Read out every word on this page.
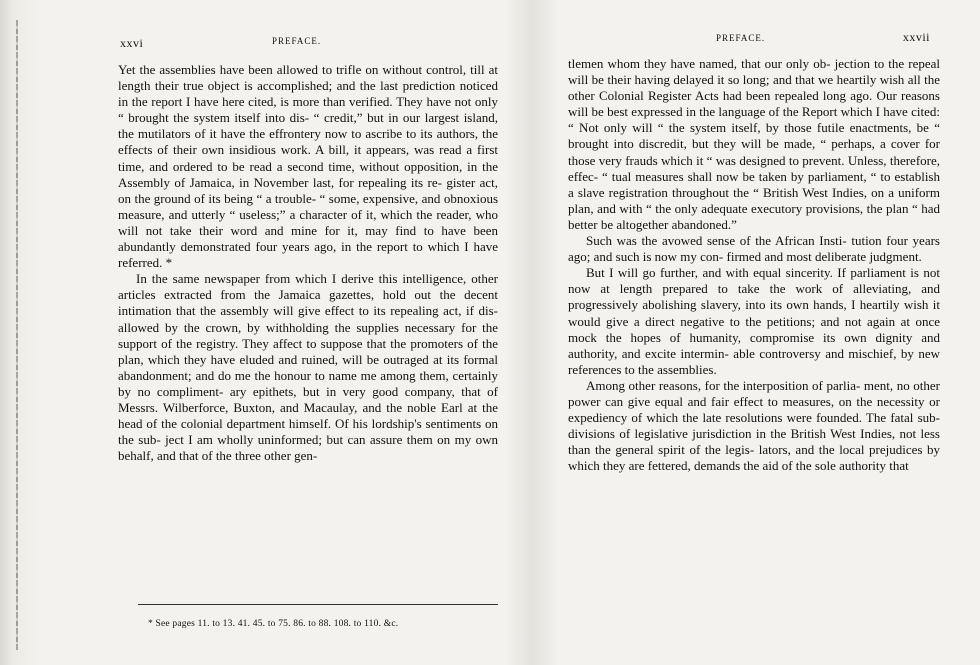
xxvi	PREFACE.

Yet the assemblies have been allowed to trifle on without control, till at length their true object is accomplished; and the last prediction noticed in the report I have here cited, is more than verified. They have not only “ brought the system itself into dis- “ credit,” but in our largest island, the mutilators of it have the effrontery now to ascribe to its authors, the effects of their own insidious work. A bill, it appears, was read a first time, and ordered to be read a second time, without opposition, in the Assembly of Jamaica, in November last, for repealing its re- gister act, on the ground of its being “ a trouble- “ some, expensive, and obnoxious measure, and utterly “ useless;” a character of it, which the reader, who will not take their word and mine for it, may find to have been abundantly demonstrated four years ago, in the report to which I have referred. *

In the same newspaper from which I derive this intelligence, other articles extracted from the Jamaica gazettes, hold out the decent intimation that the assembly will give effect to its repealing act, if dis- allowed by the crown, by withholding the supplies necessary for the support of the registry. They affect to suppose that the promoters of the plan, which they have eluded and ruined, will be outraged at its formal abandonment; and do me the honour to name me among them, certainly by no compliment- ary epithets, but in very good company, that of Messrs. Wilberforce, Buxton, and Macaulay, and the noble Earl at the head of the colonial department himself. Of his lordship's sentiments on the sub- ject I am wholly uninformed; but can assure them on my own behalf, and that of the three other gen-

* See pages 11. to 13. 41. 45. to 75. 86. to 88. 108. to 110. &c.
PREFACE.	xxvii

tlemen whom they have named, that our only ob- jection to the repeal will be their having delayed it so long; and that we heartily wish all the other Colonial Register Acts had been repealed long ago. Our reasons will be best expressed in the language of the Report which I have cited: “ Not only will “ the system itself, by those futile enactments, be “ brought into discredit, but they will be made, “ perhaps, a cover for those very frauds which it “ was designed to prevent. Unless, therefore, effec- “ tual measures shall now be taken by parliament, “ to establish a slave registration throughout the “ British West Indies, on a uniform plan, and with “ the only adequate executory provisions, the plan “ had better be altogether abandoned.”

Such was the avowed sense of the African Insti- tution four years ago; and such is now my con- firmed and most deliberate judgment.

But I will go further, and with equal sincerity. If parliament is not now at length prepared to take the work of alleviating, and progressively abolishing slavery, into its own hands, I heartily wish it would give a direct negative to the petitions; and not again at once mock the hopes of humanity, compromise its own dignity and authority, and excite intermin- able controversy and mischief, by new references to the assemblies.

Among other reasons, for the interposition of parlia- ment, no other power can give equal and fair effect to measures, on the necessity or expediency of which the late resolutions were founded. The fatal sub- divisions of legislative jurisdiction in the British West Indies, not less than the general spirit of the legis- lators, and the local prejudices by which they are fettered, demands the aid of the sole authority that
